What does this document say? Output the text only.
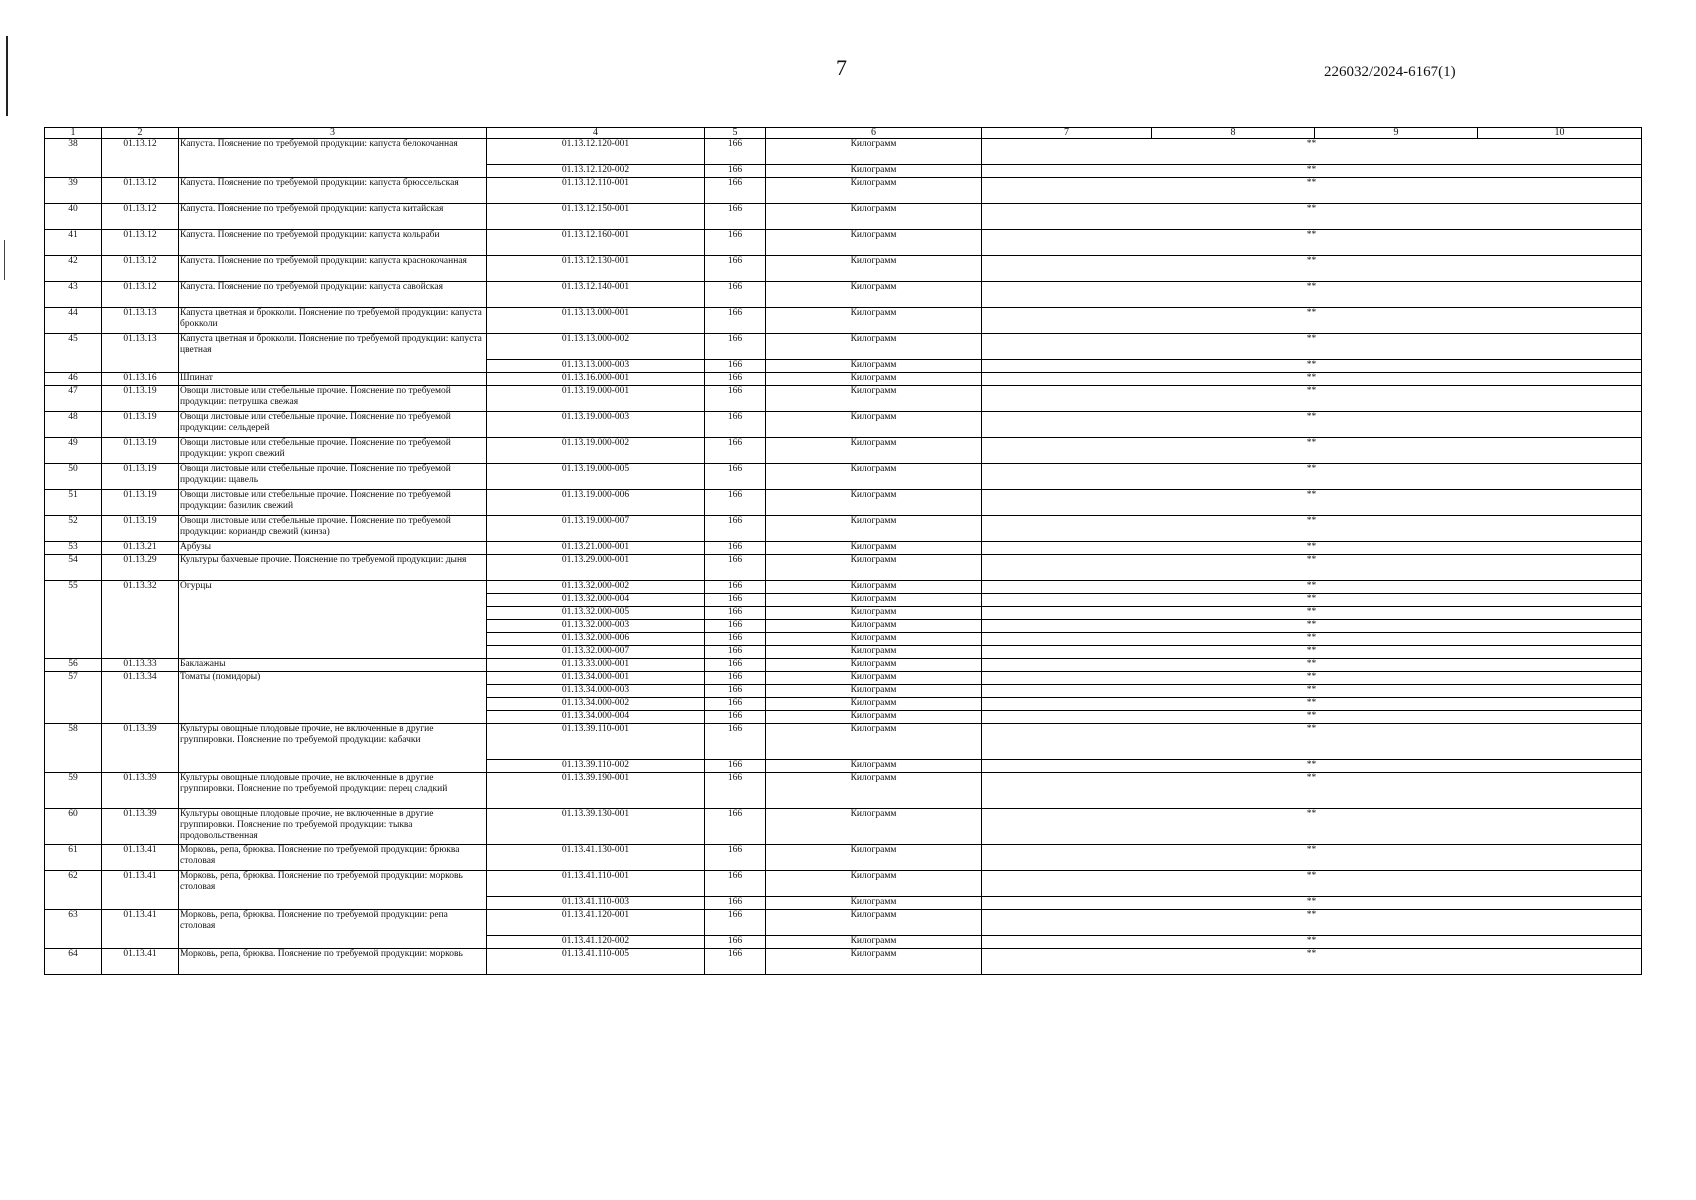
7	226032/2024-6167(1)
1	2	3	4	5	6	7	8	9	10
38	01.13.12	Капуста. Пояснение по требуемой продукции: капуста белокочанная	01.13.12.120-001	166	Килограмм	**			
			01.13.12.120-002	166	Килограмм	**			
39	01.13.12	Капуста. Пояснение по требуемой продукции: капуста брюссельская	01.13.12.110-001	166	Килограмм	**			
40	01.13.12	Капуста. Пояснение по требуемой продукции: капуста китайская	01.13.12.150-001	166	Килограмм	**			
41	01.13.12	Капуста. Пояснение по требуемой продукции: капуста кольраби	01.13.12.160-001	166	Килограмм	**			
42	01.13.12	Капуста. Пояснение по требуемой продукции: капуста краснокочанная	01.13.12.130-001	166	Килограмм	**			
43	01.13.12	Капуста. Пояснение по требуемой продукции: капуста савойская	01.13.12.140-001	166	Килограмм	**			
44	01.13.13	Капуста цветная и брокколи. Пояснение по требуемой продукции: капуста брокколи	01.13.13.000-001	166	Килограмм	**			
45	01.13.13	Капуста цветная и брокколи. Пояснение по требуемой продукции: капуста цветная	01.13.13.000-002	166	Килограмм	**			
			01.13.13.000-003	166	Килограмм	**			
46	01.13.16	Шпинат	01.13.16.000-001	166	Килограмм	**			
47	01.13.19	Овощи листовые или стебельные прочие. Пояснение по требуемой продукции: петрушка свежая	01.13.19.000-001	166	Килограмм	**			
48	01.13.19	Овощи листовые или стебельные прочие. Пояснение по требуемой продукции: сельдерей	01.13.19.000-003	166	Килограмм	**			
49	01.13.19	Овощи листовые или стебельные прочие. Пояснение по требуемой продукции: укроп свежий	01.13.19.000-002	166	Килограмм	**			
50	01.13.19	Овощи листовые или стебельные прочие. Пояснение по требуемой продукции: щавель	01.13.19.000-005	166	Килограмм	**			
51	01.13.19	Овощи листовые или стебельные прочие. Пояснение по требуемой продукции: базилик свежий	01.13.19.000-006	166	Килограмм	**			
52	01.13.19	Овощи листовые или стебельные прочие. Пояснение по требуемой продукции: кориандр свежий (кинза)	01.13.19.000-007	166	Килограмм	**			
53	01.13.21	Арбузы	01.13.21.000-001	166	Килограмм	**			
54	01.13.29	Культуры бахчевые прочие. Пояснение по требуемой продукции: дыня	01.13.29.000-001	166	Килограмм	**			
55	01.13.32	Огурцы	01.13.32.000-002	166	Килограмм	**			
			01.13.32.000-004	166	Килограмм	**			
			01.13.32.000-005	166	Килограмм	**			
			01.13.32.000-003	166	Килограмм	**			
			01.13.32.000-006	166	Килограмм	**			
			01.13.32.000-007	166	Килограмм	**			
56	01.13.33	Баклажаны	01.13.33.000-001	166	Килограмм	**			
57	01.13.34	Томаты (помидоры)	01.13.34.000-001	166	Килограмм	**			
			01.13.34.000-003	166	Килограмм	**			
			01.13.34.000-002	166	Килограмм	**			
			01.13.34.000-004	166	Килограмм	**			
58	01.13.39	Культуры овощные плодовые прочие, не включенные в другие группировки. Пояснение по требуемой продукции: кабачки	01.13.39.110-001	166	Килограмм	**			
			01.13.39.110-002	166	Килограмм	**			
59	01.13.39	Культуры овощные плодовые прочие, не включенные в другие группировки. Пояснение по требуемой продукции: перец сладкий	01.13.39.190-001	166	Килограмм	**			
60	01.13.39	Культуры овощные плодовые прочие, не включенные в другие группировки. Пояснение по требуемой продукции: тыква продовольственная	01.13.39.130-001	166	Килограмм	**			
61	01.13.41	Морковь, репа, брюква. Пояснение по требуемой продукции: брюква столовая	01.13.41.130-001	166	Килограмм	**			
62	01.13.41	Морковь, репа, брюква. Пояснение по требуемой продукции: морковь столовая	01.13.41.110-001	166	Килограмм	**			
			01.13.41.110-003	166	Килограмм	**			
63	01.13.41	Морковь, репа, брюква. Пояснение по требуемой продукции: репа столовая	01.13.41.120-001	166	Килограмм	**			
			01.13.41.120-002	166	Килограмм	**			
64	01.13.41	Морковь, репа, брюква. Пояснение по требуемой продукции: морковь	01.13.41.110-005	166	Килограмм	**			
